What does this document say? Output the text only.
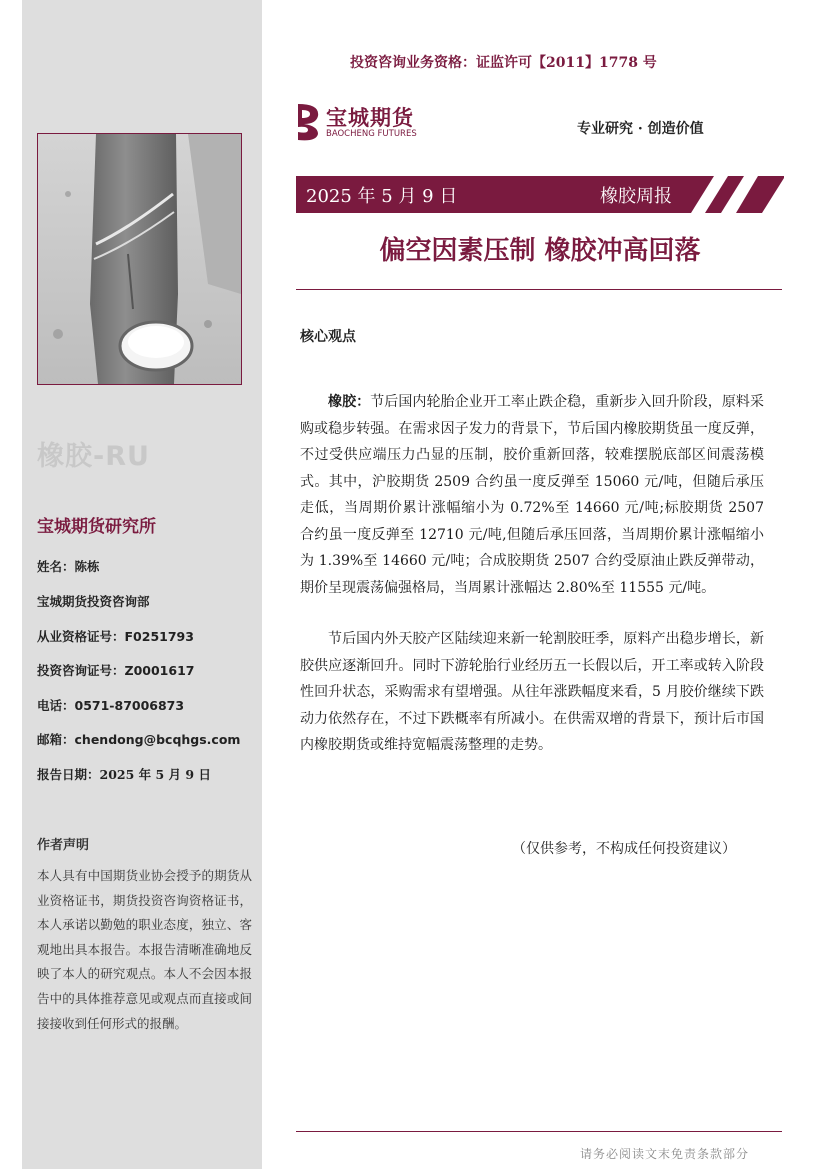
橡胶-RU
宝城期货研究所
姓名：陈栋
宝城期货投资咨询部
从业资格证号：F0251793
投资咨询证号：Z0001617
电话：0571-87006873
邮箱：chendong@bcqhgs.com
报告日期：2025 年 5 月 9 日
作者声明
本人具有中国期货业协会授予的期货从业资格证书，期货投资咨询资格证书，本人承诺以勤勉的职业态度，独立、客观地出具本报告。本报告清晰准确地反映了本人的研究观点。本人不会因本报告中的具体推荐意见或观点而直接或间接接收到任何形式的报酬。
投资咨询业务资格：证监许可【2011】1778 号
宝城期货
BAOCHENG FUTURES	专业研究 · 创造价值
2025 年 5 月 9 日	橡胶周报
偏空因素压制 橡胶冲高回落
核心观点

橡胶：节后国内轮胎企业开工率止跌企稳，重新步入回升阶段，原料采购或稳步转强。在需求因子发力的背景下，节后国内橡胶期货虽一度反弹，不过受供应端压力凸显的压制，胶价重新回落，较难摆脱底部区间震荡模式。其中，沪胶期货 2509 合约虽一度反弹至 15060 元/吨，但随后承压走低，当周期价累计涨幅缩小为 0.72%至 14660 元/吨;标胶期货 2507 合约虽一度反弹至 12710 元/吨,但随后承压回落，当周期价累计涨幅缩小为 1.39%至 14660 元/吨；合成胶期货 2507 合约受原油止跌反弹带动，期价呈现震荡偏强格局，当周累计涨幅达 2.80%至 11555 元/吨。

节后国内外天胶产区陆续迎来新一轮割胶旺季，原料产出稳步增长，新胶供应逐渐回升。同时下游轮胎行业经历五一长假以后，开工率或转入阶段性回升状态，采购需求有望增强。从往年涨跌幅度来看，5 月胶价继续下跌动力依然存在，不过下跌概率有所减小。在供需双增的背景下，预计后市国内橡胶期货或维持宽幅震荡整理的走势。

（仅供参考，不构成任何投资建议）
请务必阅读文末免责条款部分
